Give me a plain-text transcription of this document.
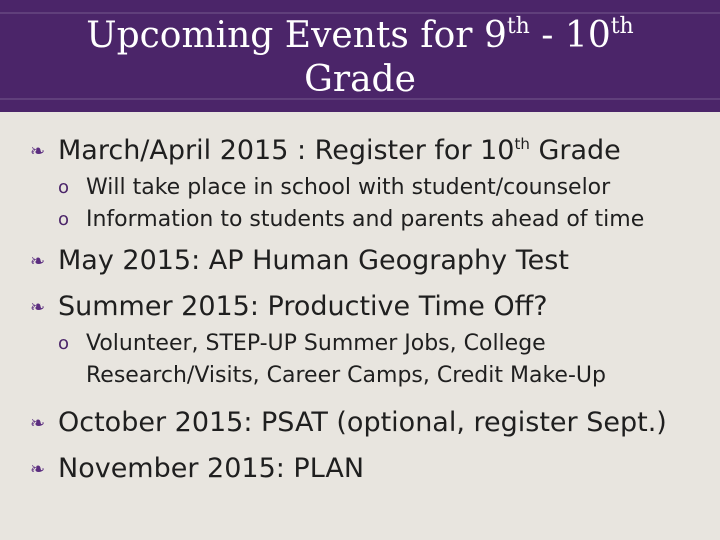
Upcoming Events for 9th - 10th
Grade
❧ March/April 2015 : Register for 10th Grade
o Will take place in school with student/counselor
o Information to students and parents ahead of time
❧ May 2015: AP Human Geography Test
❧ Summer 2015: Productive Time Off?
o Volunteer, STEP-UP Summer Jobs, College Research/Visits, Career Camps, Credit Make-Up
❧ October 2015: PSAT (optional, register Sept.)
❧ November 2015: PLAN
